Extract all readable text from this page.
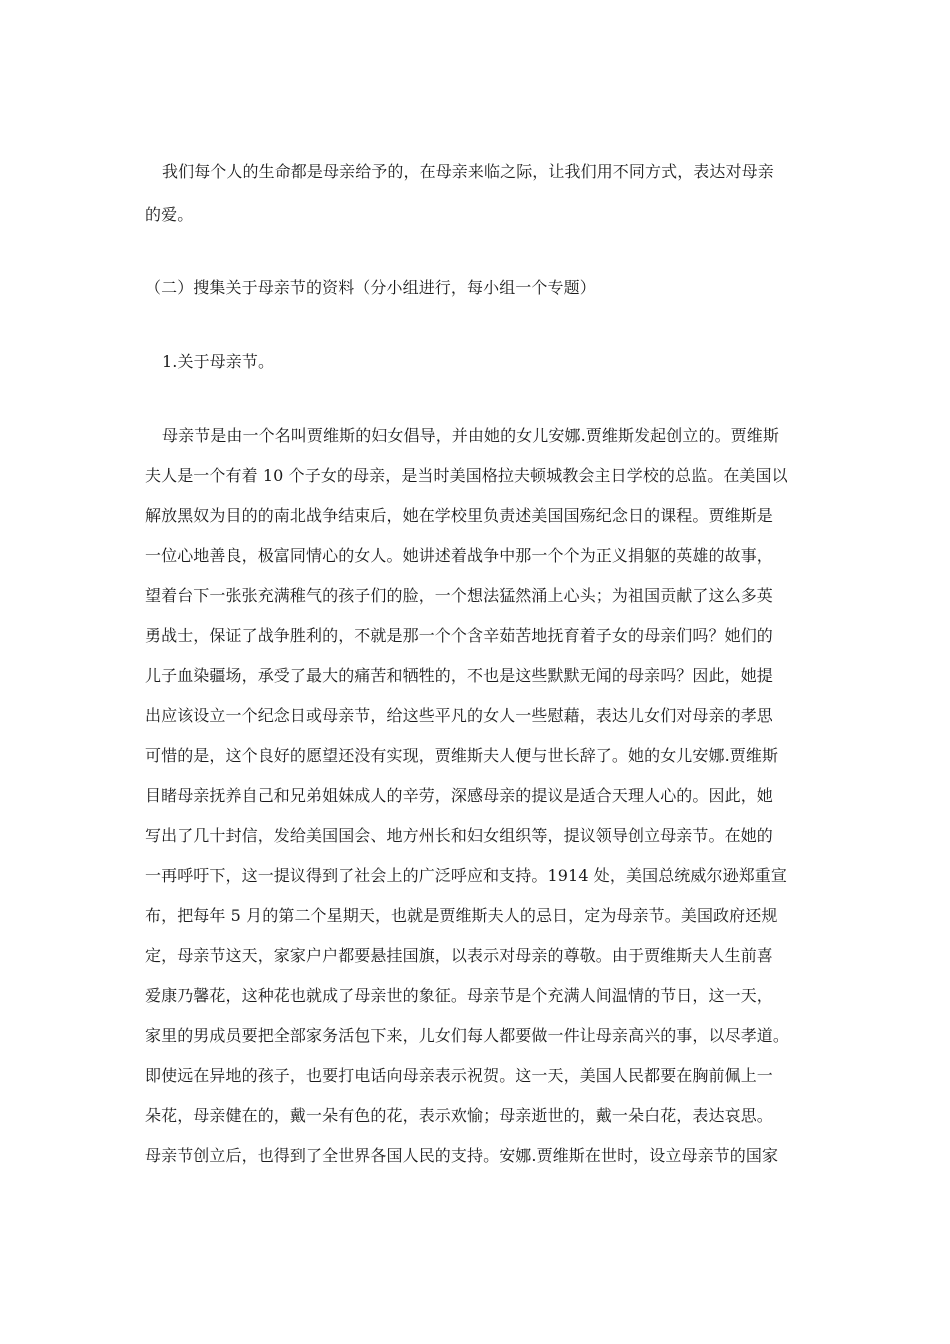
我们每个人的生命都是母亲给予的，在母亲来临之际，让我们用不同方式，表达对母亲
的爱。
（二）搜集关于母亲节的资料（分小组进行，每小组一个专题）
1.关于母亲节。
母亲节是由一个名叫贾维斯的妇女倡导，并由她的女儿安娜.贾维斯发起创立的。贾维斯
夫人是一个有着 10 个子女的母亲，是当时美国格拉夫顿城教会主日学校的总监。在美国以
解放黑奴为目的的南北战争结束后，她在学校里负责述美国国殇纪念日的课程。贾维斯是
一位心地善良，极富同情心的女人。她讲述着战争中那一个个为正义捐躯的英雄的故事，
望着台下一张张充满稚气的孩子们的脸，一个想法猛然涌上心头；为祖国贡献了这么多英
勇战士，保证了战争胜利的，不就是那一个个含辛茹苦地抚育着子女的母亲们吗？她们的
儿子血染疆场，承受了最大的痛苦和牺牲的，不也是这些默默无闻的母亲吗？因此，她提
出应该设立一个纪念日或母亲节，给这些平凡的女人一些慰藉，表达儿女们对母亲的孝思
可惜的是，这个良好的愿望还没有实现，贾维斯夫人便与世长辞了。她的女儿安娜.贾维斯
目睹母亲抚养自己和兄弟姐妹成人的辛劳，深感母亲的提议是适合天理人心的。因此，她
写出了几十封信，发给美国国会、地方州长和妇女组织等，提议领导创立母亲节。在她的
一再呼吁下，这一提议得到了社会上的广泛呼应和支持。1914 处，美国总统威尔逊郑重宣
布，把每年 5 月的第二个星期天，也就是贾维斯夫人的忌日，定为母亲节。美国政府还规
定，母亲节这天，家家户户都要悬挂国旗，以表示对母亲的尊敬。由于贾维斯夫人生前喜
爱康乃馨花，这种花也就成了母亲世的象征。母亲节是个充满人间温情的节日，这一天，
家里的男成员要把全部家务活包下来，儿女们每人都要做一件让母亲高兴的事，以尽孝道。
即使远在异地的孩子，也要打电话向母亲表示祝贺。这一天，美国人民都要在胸前佩上一
朵花，母亲健在的，戴一朵有色的花，表示欢愉；母亲逝世的，戴一朵白花，表达哀思。
母亲节创立后，也得到了全世界各国人民的支持。安娜.贾维斯在世时，设立母亲节的国家
